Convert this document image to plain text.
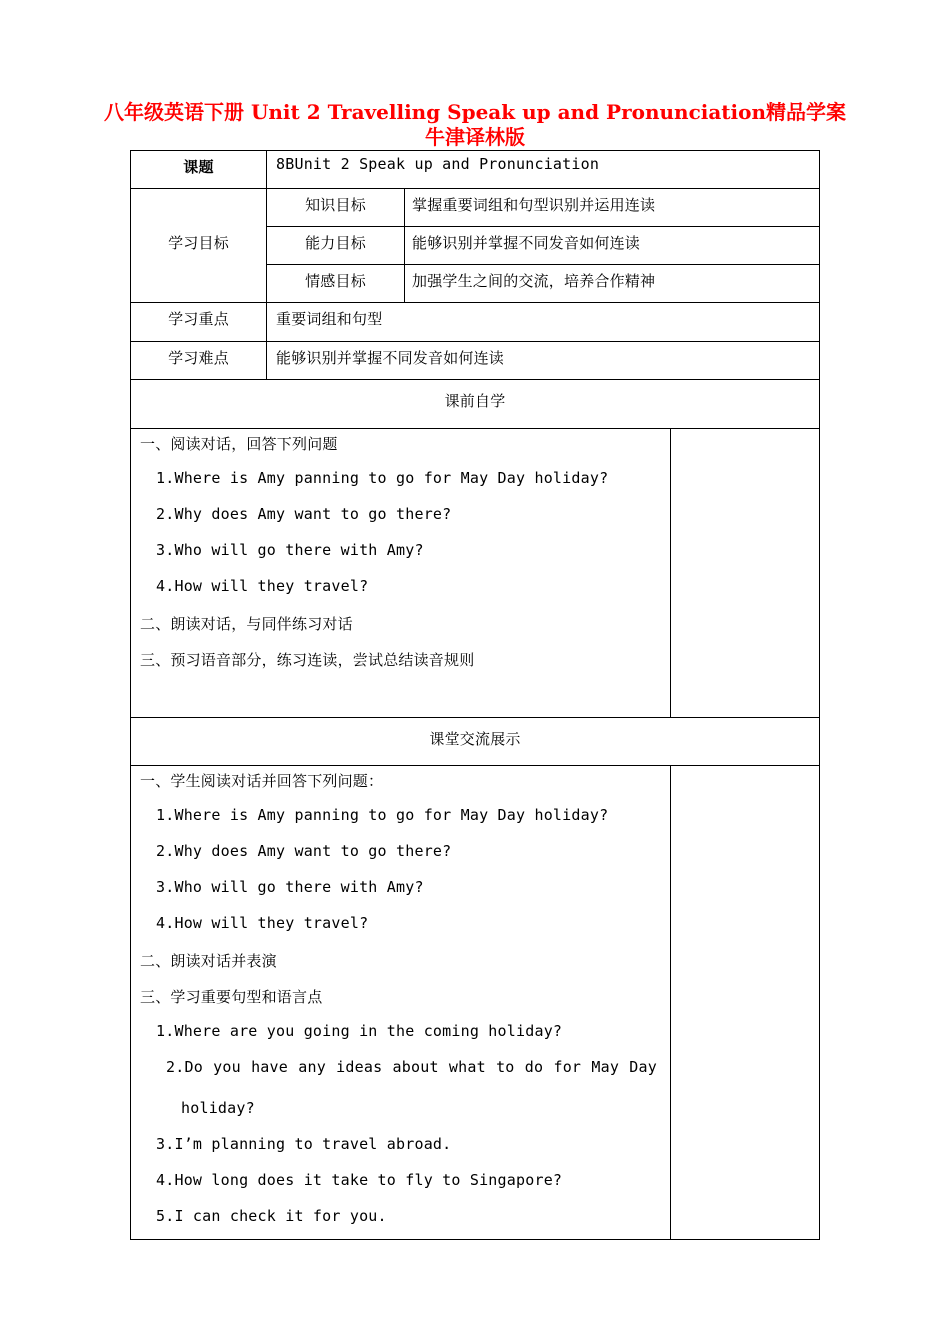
八年级英语下册 Unit 2 Travelling Speak up and Pronunciation精品学案
牛津译林版
课题	8BUnit 2 Speak up and Pronunciation
学习目标
知识目标	掌握重要词组和句型识别并运用连读
能力目标	能够识别并掌握不同发音如何连读
情感目标	加强学生之间的交流，培养合作精神
学习重点	重要词组和句型
学习难点	能够识别并掌握不同发音如何连读
课前自学
一、阅读对话，回答下列问题
1.Where is Amy panning to go for May Day holiday?
2.Why does Amy want to go there?
3.Who will go there with Amy?
4.How will they travel?
二、朗读对话，与同伴练习对话
三、预习语音部分，练习连读，尝试总结读音规则
课堂交流展示
一、学生阅读对话并回答下列问题：
1.Where is Amy panning to go for May Day holiday?
2.Why does Amy want to go there?
3.Who will go there with Amy?
4.How will they travel?
二、朗读对话并表演
三、学习重要句型和语言点
1.Where are you going in the coming holiday?
2.Do you have any ideas about what to do for May Day
holiday?
3.I’m planning to travel abroad.
4.How long does it take to fly to Singapore?
5.I can check it for you.
